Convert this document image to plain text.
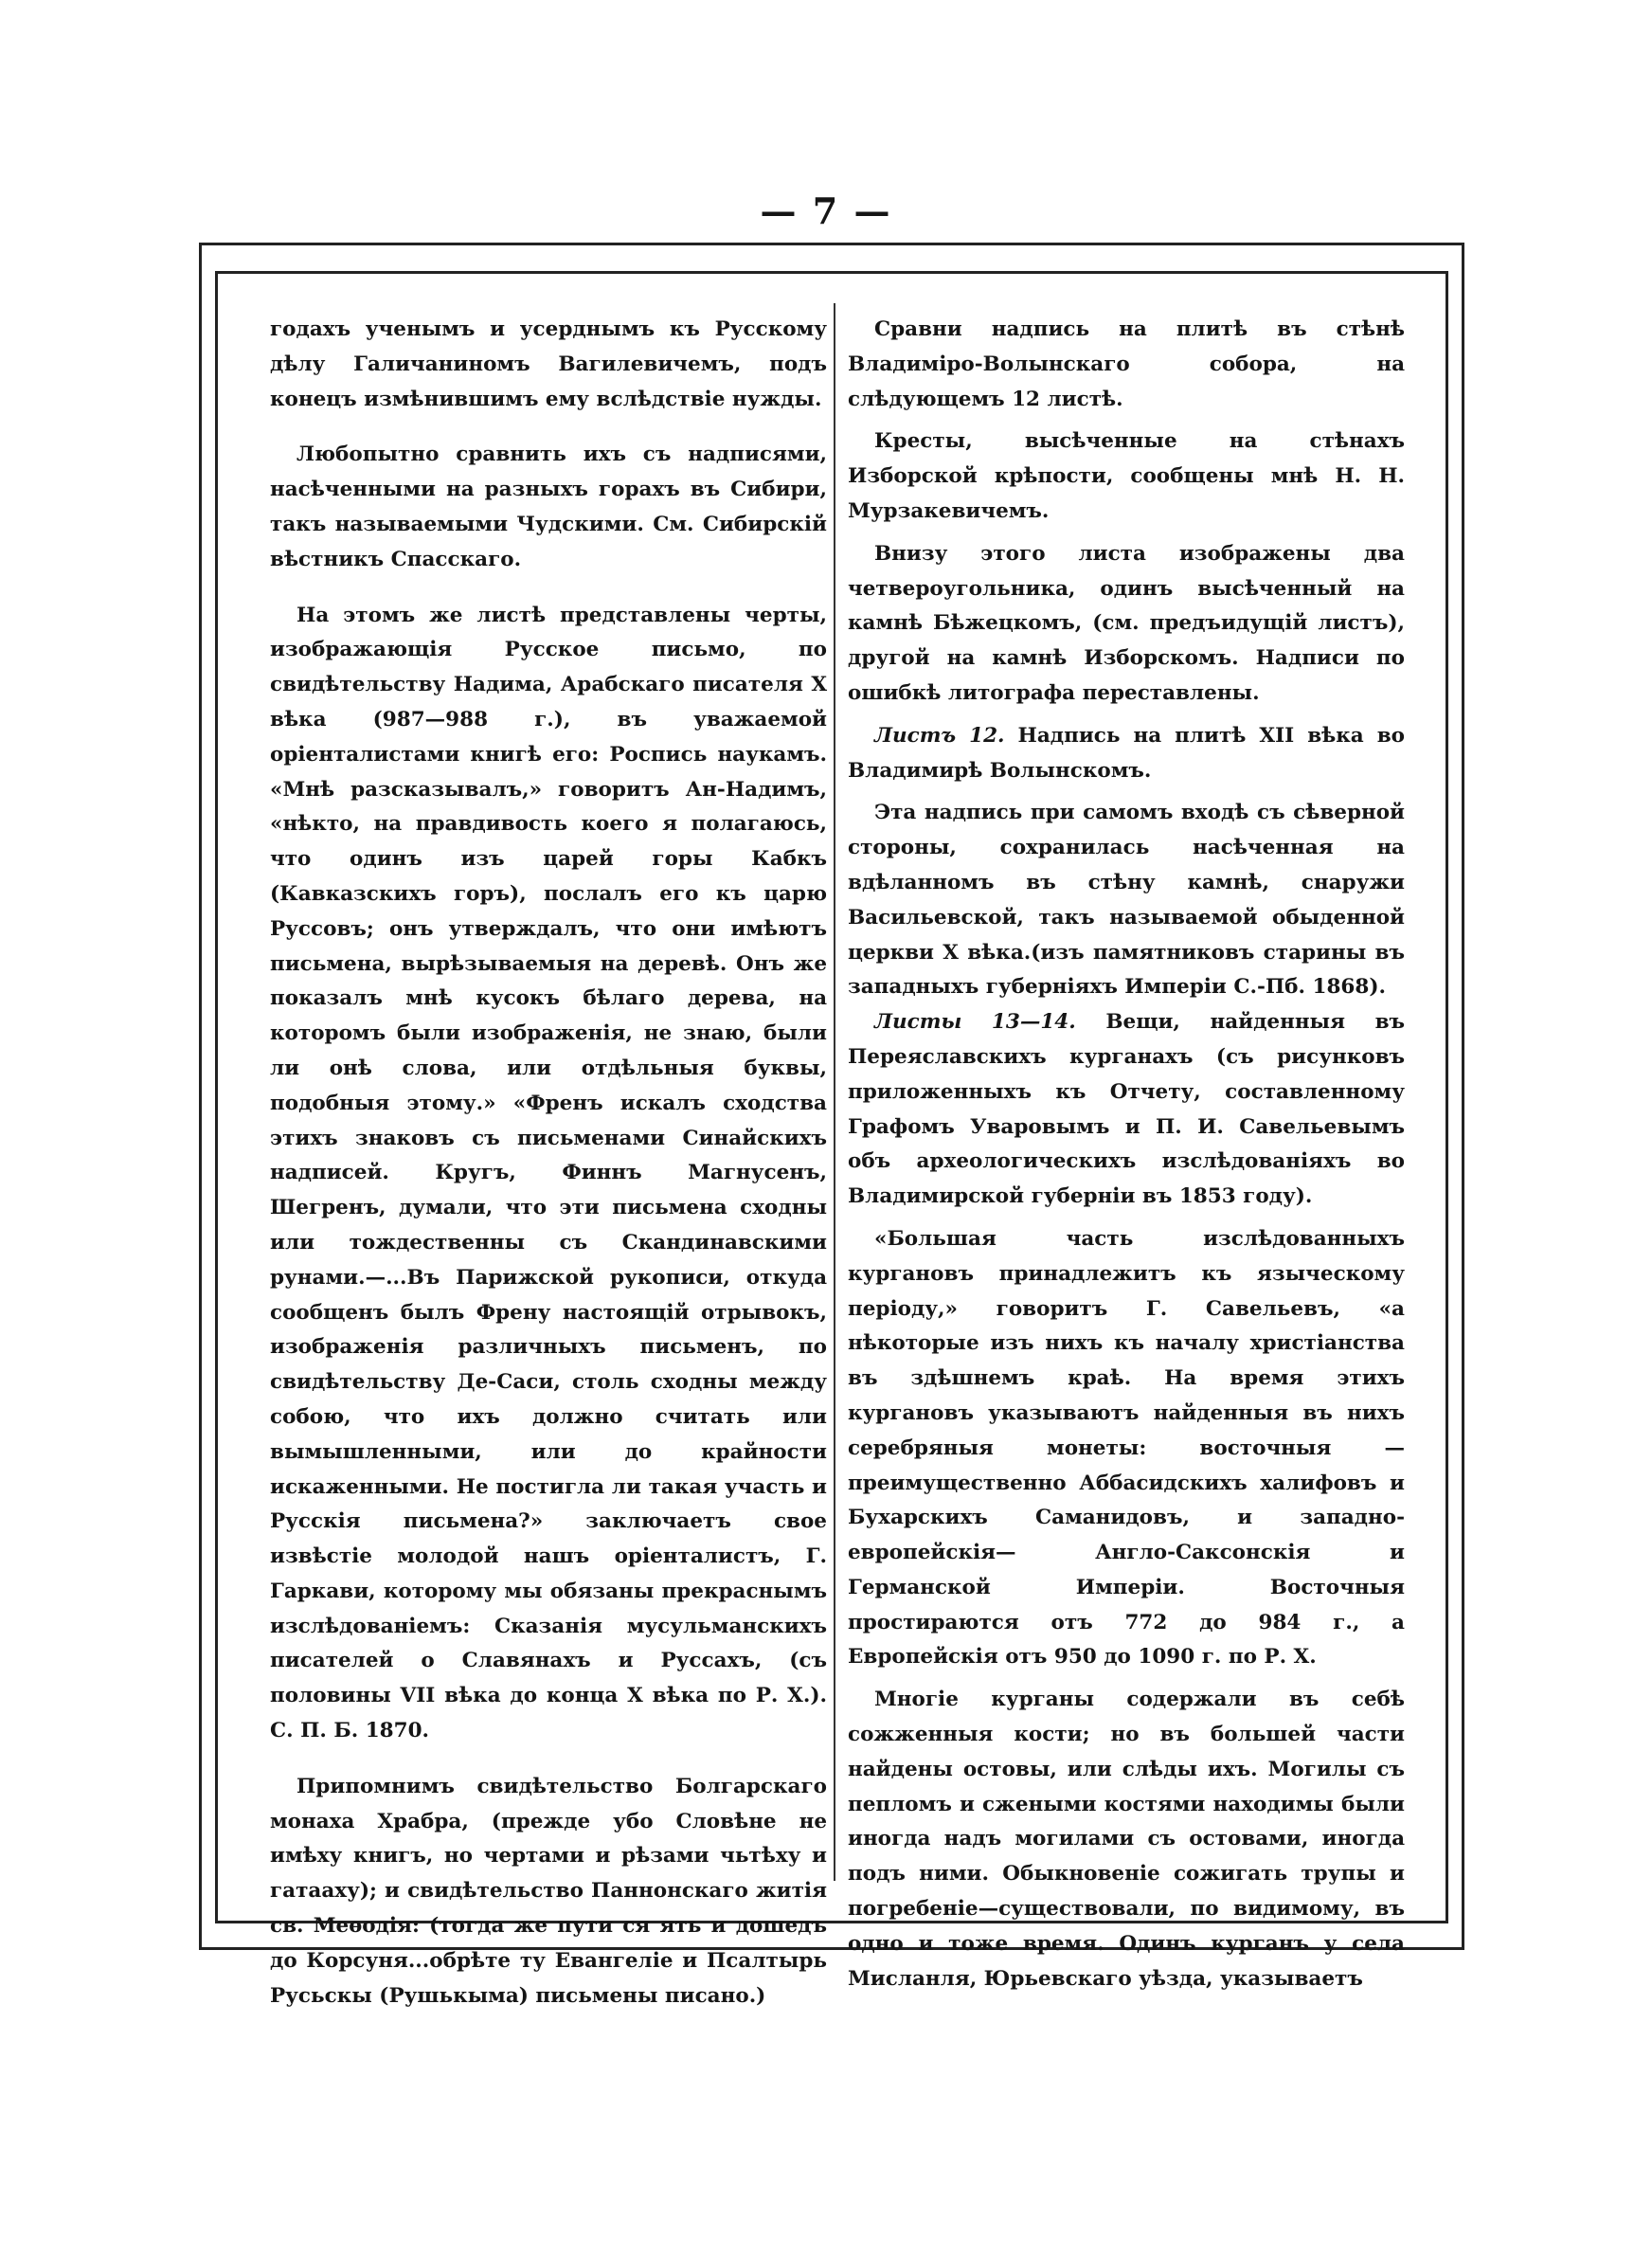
— 7 —

годахъ ученымъ и усерднымъ къ Русскому дѣлу Галичаниномъ Вагилевичемъ, подъ конецъ измѣнившимъ ему вслѣдствіе нужды.

Любопытно сравнить ихъ съ надписями, насѣченными на разныхъ горахъ въ Сибири, такъ называемыми Чудскими. См. Сибирскій вѣстникъ Спасскаго.

На этомъ же листѣ представлены черты, изображающія Русское письмо, по свидѣтельству Надима, Арабскаго писателя X вѣка (987—988 г.), въ уважаемой оріенталистами книгѣ его: Роспись наукамъ. «Мнѣ разсказывалъ,» говоритъ Ан-Надимъ, «нѣкто, на правдивость коего я полагаюсь, что одинъ изъ царей горы Кабкъ (Кавказскихъ горъ), послалъ его къ царю Руссовъ; онъ утверждалъ, что они имѣютъ письмена, вырѣзываемыя на деревѣ. Онъ же показалъ мнѣ кусокъ бѣлаго дерева, на которомъ были изображенія, не знаю, были ли онѣ слова, или отдѣльныя буквы, подобныя этому.» «Френъ искалъ сходства этихъ знаковъ съ письменами Синайскихъ надписей. Кругъ, Финнъ Магнусенъ, Шегренъ, думали, что эти письмена сходны или тождественны съ Скандинавскими рунами.—...Въ Парижской рукописи, откуда сообщенъ былъ Френу настоящій отрывокъ, изображенія различныхъ письменъ, по свидѣтельству Де-Саси, столь сходны между собою, что ихъ должно считать или вымышленными, или до крайности искаженными. Не постигла ли такая участь и Русскія письмена?» заключаетъ свое извѣстіе молодой нашъ оріенталистъ, Г. Гаркави, которому мы обязаны прекраснымъ изслѣдованіемъ: Сказанія мусульманскихъ писателей о Славянахъ и Руссахъ, (съ половины VII вѣка до конца X вѣка по Р. Х.). С. П. Б. 1870.

Припомнимъ свидѣтельство Болгарскаго монаха Храбра, (прежде убо Словѣне не имѣху книгъ, но чертами и рѣзами чьтѣху и гатааху); и свидѣтельство Паннонскаго житія св. Меѳодія: (тогда же пути ся ять и дошедъ до Корсуня...обрѣте ту Евангеліе и Псалтырь Русьскы (Рушькыма) письмены писано.)

Сравни надпись на плитѣ въ стѣнѣ Владиміро-Волынскаго собора, на слѣдующемъ 12 листѣ.

Кресты, высѣченные на стѣнахъ Изборской крѣпости, сообщены мнѣ Н. Н. Мурзакевичемъ.

Внизу этого листа изображены два четвероугольника, одинъ высѣченный на камнѣ Бѣжецкомъ, (см. предъидущій листъ), другой на камнѣ Изборскомъ. Надписи по ошибкѣ литографа переставлены.

Листъ 12. Надпись на плитѣ XII вѣка во Владимирѣ Волынскомъ.

Эта надпись при самомъ входѣ съ сѣверной стороны, сохранилась насѣченная на вдѣланномъ въ стѣну камнѣ, снаружи Васильевской, такъ называемой обыденной церкви X вѣка.(изъ памятниковъ старины въ западныхъ губерніяхъ Имперіи С.-Пб. 1868).

Листы 13—14. Вещи, найденныя въ Переяславскихъ курганахъ (съ рисунковъ приложенныхъ къ Отчету, составленному Графомъ Уваровымъ и П. И. Савельевымъ объ археологическихъ изслѣдованіяхъ во Владимирской губерніи въ 1853 году).

«Большая часть изслѣдованныхъ кургановъ принадлежитъ къ языческому періоду,» говоритъ Г. Савельевъ, «а нѣкоторые изъ нихъ къ началу христіанства въ здѣшнемъ краѣ. На время этихъ кургановъ указываютъ найденныя въ нихъ серебряныя монеты: восточныя — преимущественно Аббасидскихъ халифовъ и Бухарскихъ Саманидовъ, и западно-европейскія— Англо-Саксонскія и Германской Имперіи. Восточныя простираются отъ 772 до 984 г., а Европейскія отъ 950 до 1090 г. по Р. Х.

Многіе курганы содержали въ себѣ сожженныя кости; но въ большей части найдены остовы, или слѣды ихъ. Могилы съ пепломъ и сжеными костями находимы были иногда надъ могилами съ остовами, иногда подъ ними. Обыкновеніе сожигать трупы и погребеніе—существовали, по видимому, въ одно и тоже время. Одинъ курганъ у села Мисланля, Юрьевскаго уѣзда, указываетъ
